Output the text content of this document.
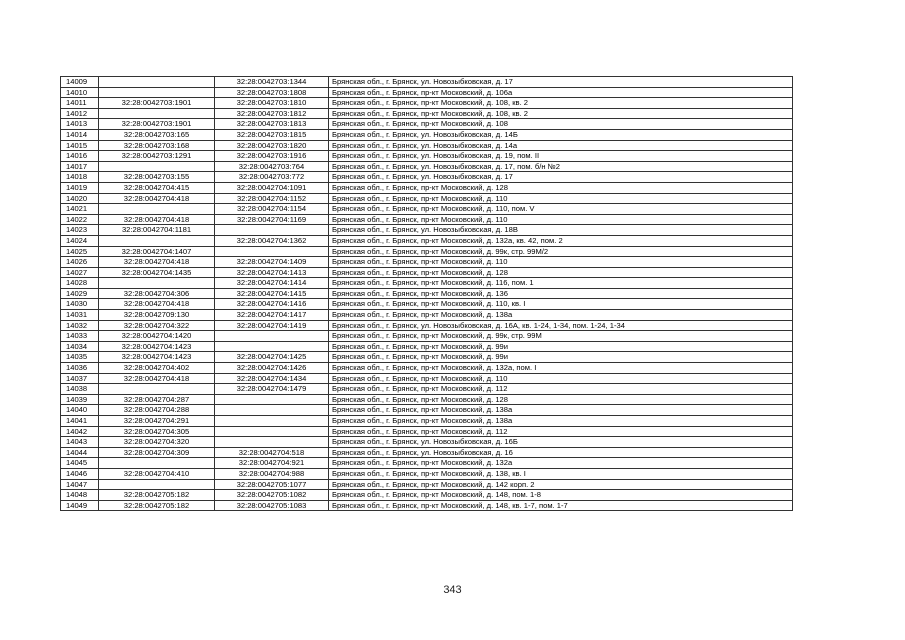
14009		32:28:0042703:1344	Брянская обл., г. Брянск, ул. Новозыбковская, д. 17
14010		32:28:0042703:1808	Брянская обл., г. Брянск, пр-кт Московский, д. 106а
14011	32:28:0042703:1901	32:28:0042703:1810	Брянская обл., г. Брянск, пр-кт Московский, д. 108, кв. 2
14012		32:28:0042703:1812	Брянская обл., г. Брянск, пр-кт Московский, д. 108, кв. 2
14013	32:28:0042703:1901	32:28:0042703:1813	Брянская обл., г. Брянск, пр-кт Московский, д. 108
14014	32:28:0042703:165	32:28:0042703:1815	Брянская обл., г. Брянск, ул. Новозыбковская, д. 14Б
14015	32:28:0042703:168	32:28:0042703:1820	Брянская обл., г. Брянск, ул. Новозыбковская, д. 14а
14016	32:28:0042703:1291	32:28:0042703:1916	Брянская обл., г. Брянск, ул. Новозыбковская, д. 19, пом. II
14017		32:28:0042703:764	Брянская обл., г. Брянск, ул. Новозыбковская, д. 17, пом. б/н №2
14018	32:28:0042703:155	32:28:0042703:772	Брянская обл., г. Брянск, ул. Новозыбковская, д. 17
14019	32:28:0042704:415	32:28:0042704:1091	Брянская обл., г. Брянск, пр-кт Московский, д. 128
14020	32:28:0042704:418	32:28:0042704:1152	Брянская обл., г. Брянск, пр-кт Московский, д. 110
14021		32:28:0042704:1154	Брянская обл., г. Брянск, пр-кт Московский, д. 110, пом. V
14022	32:28:0042704:418	32:28:0042704:1169	Брянская обл., г. Брянск, пр-кт Московский, д. 110
14023	32:28:0042704:1181		Брянская обл., г. Брянск, ул. Новозыбковская, д. 18В
14024		32:28:0042704:1362	Брянская обл., г. Брянск, пр-кт Московский, д. 132а, кв. 42, пом. 2
14025	32:28:0042704:1407		Брянская обл., г. Брянск, пр-кт Московский, д. 99к, стр. 99М/2
14026	32:28:0042704:418	32:28:0042704:1409	Брянская обл., г. Брянск, пр-кт Московский, д. 110
14027	32:28:0042704:1435	32:28:0042704:1413	Брянская обл., г. Брянск, пр-кт Московский, д. 128
14028		32:28:0042704:1414	Брянская обл., г. Брянск, пр-кт Московский, д. 116, пом. 1
14029	32:28:0042704:306	32:28:0042704:1415	Брянская обл., г. Брянск, пр-кт Московский, д. 136
14030	32:28:0042704:418	32:28:0042704:1416	Брянская обл., г. Брянск, пр-кт Московский, д. 110, кв. I
14031	32:28:0042709:130	32:28:0042704:1417	Брянская обл., г. Брянск, пр-кт Московский, д. 138а
14032	32:28:0042704:322	32:28:0042704:1419	Брянская обл., г. Брянск, ул. Новозыбковская, д. 16А, кв. 1-24, 1-34, пом. 1-24, 1-34
14033	32:28:0042704:1420		Брянская обл., г. Брянск, пр-кт Московский, д. 99к, стр. 99М
14034	32:28:0042704:1423		Брянская обл., г. Брянск, пр-кт Московский, д. 99и
14035	32:28:0042704:1423	32:28:0042704:1425	Брянская обл., г. Брянск, пр-кт Московский, д. 99и
14036	32:28:0042704:402	32:28:0042704:1426	Брянская обл., г. Брянск, пр-кт Московский, д. 132а, пом. I
14037	32:28:0042704:418	32:28:0042704:1434	Брянская обл., г. Брянск, пр-кт Московский, д. 110
14038		32:28:0042704:1479	Брянская обл., г. Брянск, пр-кт Московский, д. 112
14039	32:28:0042704:287		Брянская обл., г. Брянск, пр-кт Московский, д. 128
14040	32:28:0042704:288		Брянская обл., г. Брянск, пр-кт Московский, д. 138а
14041	32:28:0042704:291		Брянская обл., г. Брянск, пр-кт Московский, д. 138а
14042	32:28:0042704:305		Брянская обл., г. Брянск, пр-кт Московский, д. 112
14043	32:28:0042704:320		Брянская обл., г. Брянск, ул. Новозыбковская, д. 16Б
14044	32:28:0042704:309	32:28:0042704:518	Брянская обл., г. Брянск, ул. Новозыбковская, д. 16
14045		32:28:0042704:921	Брянская обл., г. Брянск, пр-кт Московский, д. 132а
14046	32:28:0042704:410	32:28:0042704:988	Брянская обл., г. Брянск, пр-кт Московский, д. 138, кв. I
14047		32:28:0042705:1077	Брянская обл., г. Брянск, пр-кт Московский, д. 142 корп. 2
14048	32:28:0042705:182	32:28:0042705:1082	Брянская обл., г. Брянск, пр-кт Московский, д. 148, пом. 1-8
14049	32:28:0042705:182	32:28:0042705:1083	Брянская обл., г. Брянск, пр-кт Московский, д. 148, кв. 1-7, пом. 1-7
343
